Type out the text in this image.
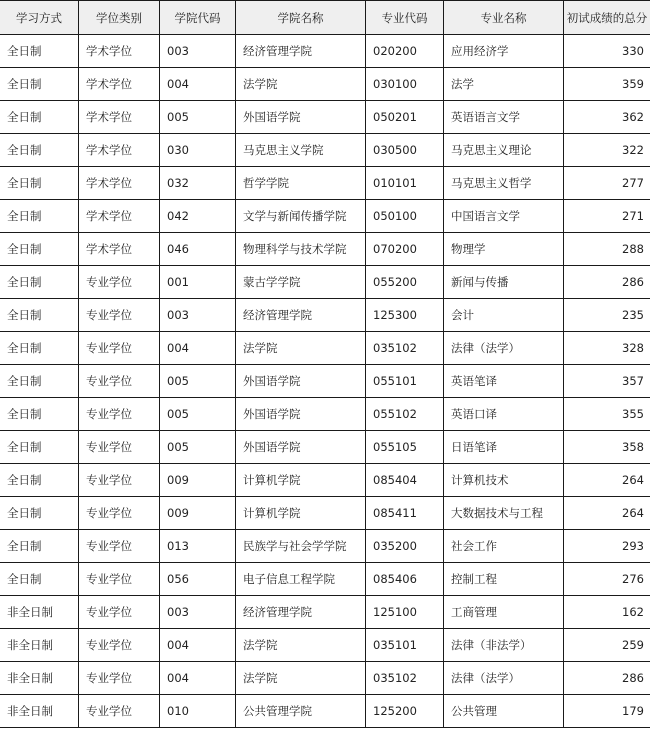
学习方式	学位类别	学院代码	学院名称	专业代码	专业名称	初试成绩的总分
全日制	学术学位	003	经济管理学院	020200	应用经济学	330
全日制	学术学位	004	法学院	030100	法学	359
全日制	学术学位	005	外国语学院	050201	英语语言文学	362
全日制	学术学位	030	马克思主义学院	030500	马克思主义理论	322
全日制	学术学位	032	哲学学院	010101	马克思主义哲学	277
全日制	学术学位	042	文学与新闻传播学院	050100	中国语言文学	271
全日制	学术学位	046	物理科学与技术学院	070200	物理学	288
全日制	专业学位	001	蒙古学学院	055200	新闻与传播	286
全日制	专业学位	003	经济管理学院	125300	会计	235
全日制	专业学位	004	法学院	035102	法律（法学）	328
全日制	专业学位	005	外国语学院	055101	英语笔译	357
全日制	专业学位	005	外国语学院	055102	英语口译	355
全日制	专业学位	005	外国语学院	055105	日语笔译	358
全日制	专业学位	009	计算机学院	085404	计算机技术	264
全日制	专业学位	009	计算机学院	085411	大数据技术与工程	264
全日制	专业学位	013	民族学与社会学学院	035200	社会工作	293
全日制	专业学位	056	电子信息工程学院	085406	控制工程	276
非全日制	专业学位	003	经济管理学院	125100	工商管理	162
非全日制	专业学位	004	法学院	035101	法律（非法学）	259
非全日制	专业学位	004	法学院	035102	法律（法学）	286
非全日制	专业学位	010	公共管理学院	125200	公共管理	179
